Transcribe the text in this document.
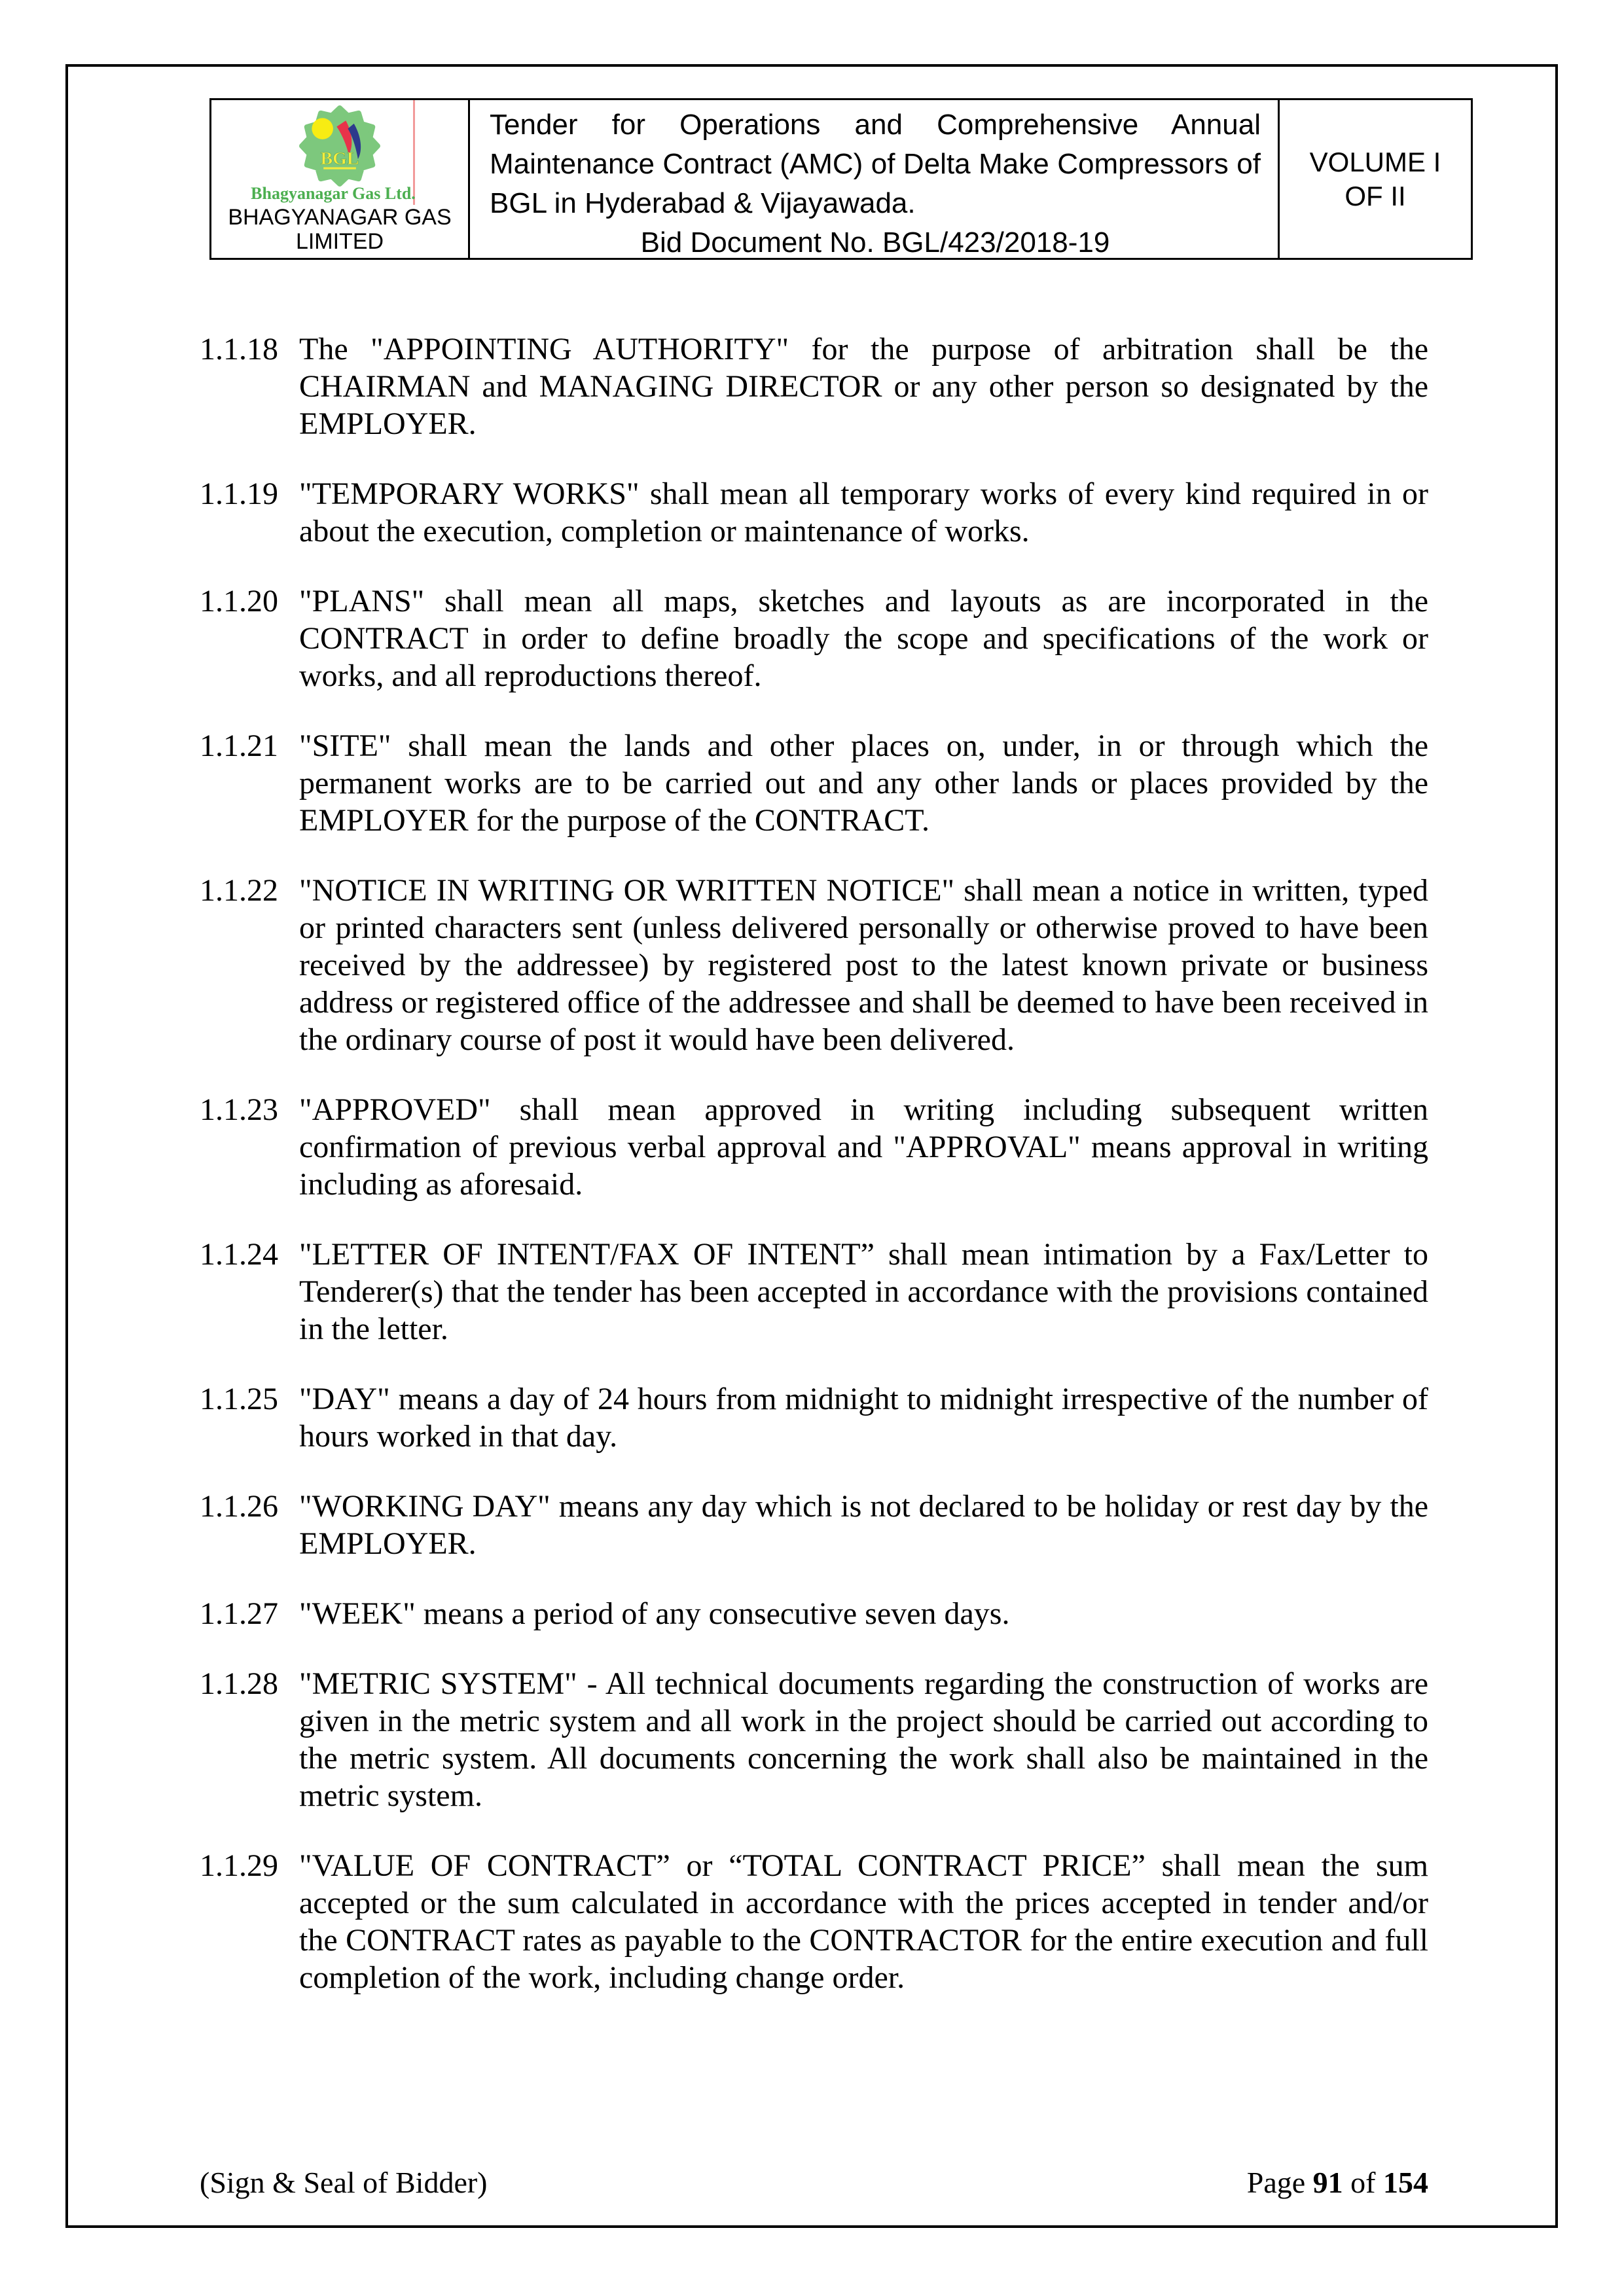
BGL
Bhagyanagar Gas Ltd.
BHAGYANAGAR GAS LIMITED

Tender for Operations and Comprehensive Annual Maintenance Contract (AMC) of Delta Make Compressors of BGL in Hyderabad & Vijayawada.

Bid Document No. BGL/423/2018-19

VOLUME I OF II
1.1.18 The "APPOINTING AUTHORITY" for the purpose of arbitration shall be the CHAIRMAN and MANAGING DIRECTOR or any other person so designated by the EMPLOYER.
1.1.19 "TEMPORARY WORKS" shall mean all temporary works of every kind required in or about the execution, completion or maintenance of works.
1.1.20 "PLANS" shall mean all maps, sketches and layouts as are incorporated in the CONTRACT in order to define broadly the scope and specifications of the work or works, and all reproductions thereof.
1.1.21 "SITE" shall mean the lands and other places on, under, in or through which the permanent works are to be carried out and any other lands or places provided by the EMPLOYER for the purpose of the CONTRACT.
1.1.22 "NOTICE IN WRITING OR WRITTEN NOTICE" shall mean a notice in written, typed or printed characters sent (unless delivered personally or otherwise proved to have been received by the addressee) by registered post to the latest known private or business address or registered office of the addressee and shall be deemed to have been received in the ordinary course of post it would have been delivered.
1.1.23 "APPROVED" shall mean approved in writing including subsequent written confirmation of previous verbal approval and "APPROVAL" means approval in writing including as aforesaid.
1.1.24 "LETTER OF INTENT/FAX OF INTENT” shall mean intimation by a Fax/Letter to Tenderer(s) that the tender has been accepted in accordance with the provisions contained in the letter.
1.1.25 "DAY" means a day of 24 hours from midnight to midnight irrespective of the number of hours worked in that day.
1.1.26 "WORKING DAY" means any day which is not declared to be holiday or rest day by the EMPLOYER.
1.1.27 "WEEK" means a period of any consecutive seven days.
1.1.28 "METRIC SYSTEM" - All technical documents regarding the construction of works are given in the metric system and all work in the project should be carried out according to the metric system. All documents concerning the work shall also be maintained in the metric system.
1.1.29 "VALUE OF CONTRACT” or “TOTAL CONTRACT PRICE” shall mean the sum accepted or the sum calculated in accordance with the prices accepted in tender and/or the CONTRACT rates as payable to the CONTRACTOR for the entire execution and full completion of the work, including change order.
(Sign & Seal of Bidder)	Page 91 of 154
